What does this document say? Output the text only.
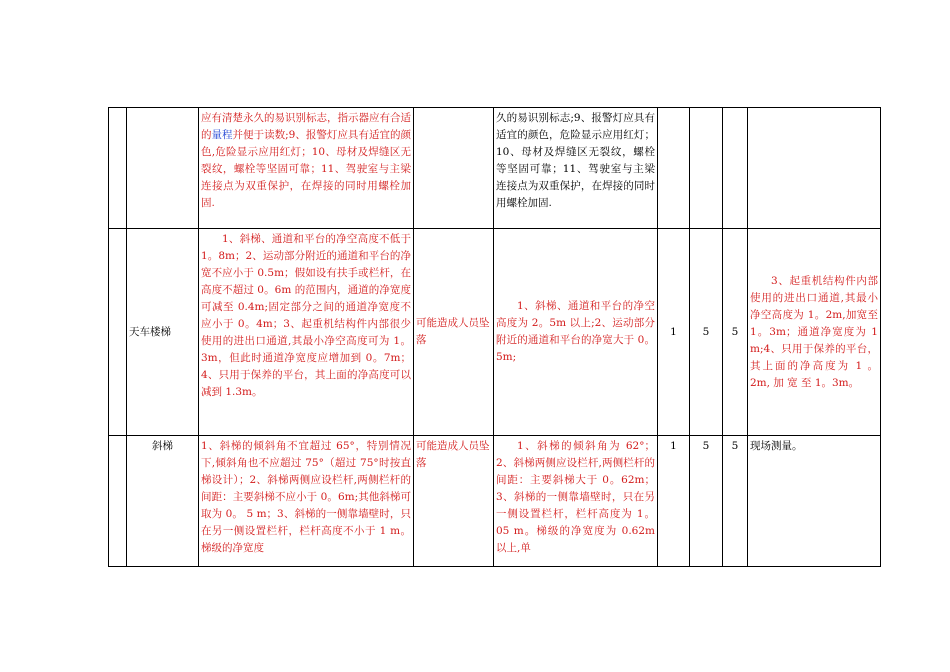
		应有清楚永久的易识别标志，指示器应有合适的量程并便于读数;9、报警灯应具有适宜的颜色,危险显示应用红灯；10、母材及焊缝区无裂纹，螺栓等坚固可靠；11、驾驶室与主梁连接点为双重保护，在焊接的同时用螺栓加固.		久的易识别标志;9、报警灯应具有适宜的颜色，危险显示应用红灯；10、母材及焊缝区无裂纹，螺栓等坚固可靠；11、驾驶室与主梁连接点为双重保护，在焊接的同时用螺栓加固.				
	天车楼梯	1、斜梯、通道和平台的净空高度不低于 1。8m；2、运动部分附近的通道和平台的净宽不应小于 0.5m；假如设有扶手或栏杆，在高度不超过 0。6m 的范围内，通道的净宽度可减至 0.4m;固定部分之间的通道净宽度不应小于 0。4m；3、起重机结构件内部很少使用的进出口通道,其最小净空高度可为 1。3m，但此时通道净宽度应增加到 0。7m；4、只用于保养的平台，其上面的净高度可以减到 1.3m。	可能造成人员坠落	1、斜梯、通道和平台的净空高度为 2。5m 以上;2、运动部分附近的通道和平台的净宽大于 0。5m;	1	5	5	3、起重机结构件内部使用的进出口通道,其最小净空高度为 1。2m,加宽至 1。3m；通道净宽度为 1 m;4、只用于保养的平台，其上面的净高度为 1 。 2m, 加 宽 至 1。3m。
	斜梯	1、斜梯的倾斜角不宜超过 65°，特别情况下,倾斜角也不应超过 75°（超过 75°时按直梯设计）；2、斜梯两侧应设栏杆,两侧栏杆的间距：主要斜梯不应小于 0。6m;其他斜梯可取为 0。 5 m；3、斜梯的一侧靠墙壁时，只在另一侧设置栏杆，栏杆高度不小于 1 m。梯级的净宽度	可能造成人员坠落	1、斜梯的倾斜角为 62°；2、斜梯两侧应设栏杆,两侧栏杆的间距：主要斜梯大于 0。62m；3、斜梯的一侧靠墙壁时，只在另一侧设置栏杆，栏杆高度为 1。05 m。梯级的净宽度为 0.62m 以上,单	1	5	5	现场测量。
